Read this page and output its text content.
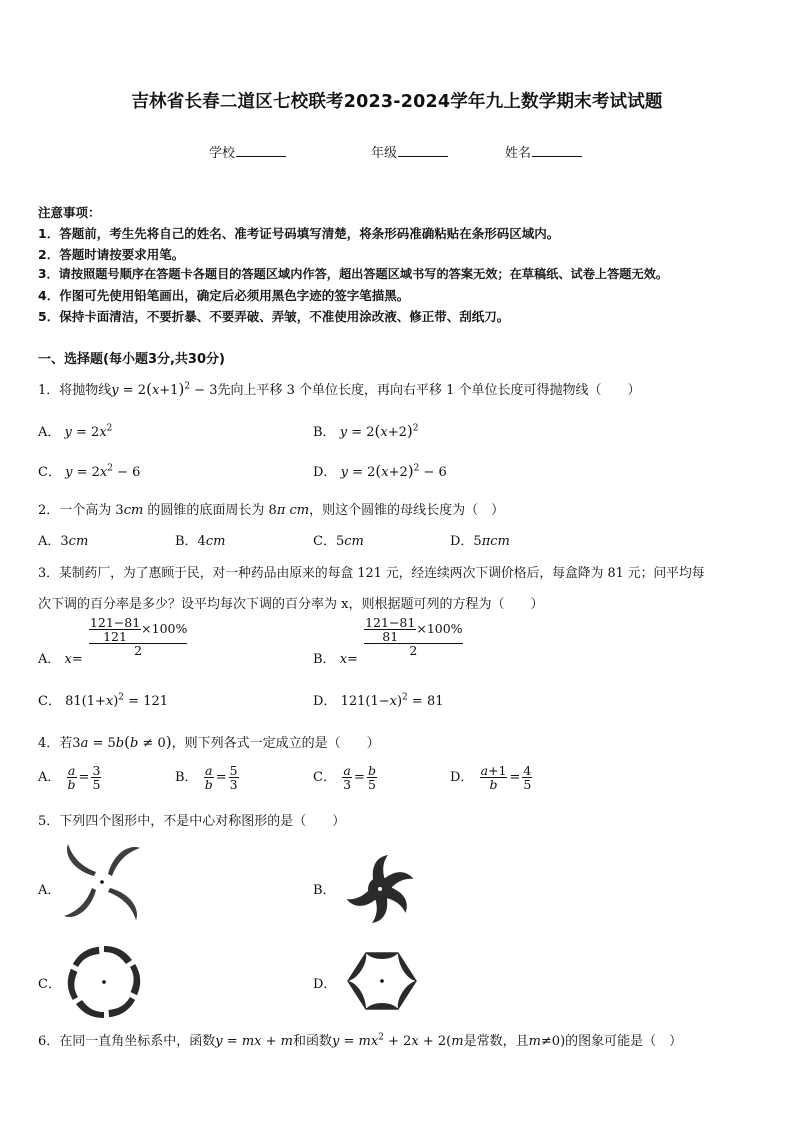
吉林省长春二道区七校联考2023-2024学年九上数学期末考试试题
学校	年级	姓名
注意事项：
1．答题前，考生先将自己的姓名、准考证号码填写清楚，将条形码准确粘贴在条形码区域内。
2．答题时请按要求用笔。
3．请按照题号顺序在答题卡各题目的答题区域内作答，超出答题区域书写的答案无效；在草稿纸、试卷上答题无效。
4．作图可先使用铅笔画出，确定后必须用黑色字迹的签字笔描黑。
5．保持卡面清洁，不要折暴、不要弄破、弄皱，不准使用涂改液、修正带、刮纸刀。
一、选择题(每小题3分,共30分)
1．将抛物线$y = 2(x+1)^2 - 3$先向上平移 3 个单位长度，再向右平移 1 个单位长度可得抛物线（　　）
A． $y = 2x^2$	B． $y = 2(x+2)^2$
C． $y = 2x^2 - 6$	D． $y = 2(x+2)^2 - 6$
2．一个高为 3cm 的圆锥的底面周长为 8π cm，则这个圆锥的母线长度为（　）
A．3cm	B．4cm	C．5cm	D．5πcm
3．某制药厂，为了惠顾于民，对一种药品由原来的每盒 121 元，经连续两次下调价格后，每盒降为 81 元；问平均每
次下调的百分率是多少？设平均每次下调的百分率为 x，则根据题可列的方程为（　　）
A． x=
$\frac{\frac{121-81}{121} \times 100\%}{2}$
B． x=
$\frac{\frac{121-81}{81} \times 100\%}{2}$
C． $81(1+x)^2 = 121$	D． $121(1-x)^2 = 81$
4．若3a = 5b(b ≠ 0)，则下列各式一定成立的是（　　）
A． $\frac{a}{b} = \frac{3}{5}$	B． $\frac{a}{b} = \frac{5}{3}$	C． $\frac{a}{3} = \frac{b}{5}$	D． $\frac{a+1}{b} = \frac{4}{5}$
5．下列四个图形中，不是中心对称图形的是（　　）
A．	B．
C．	D．
6．在同一直角坐标系中，函数y = mx + m和函数$y = mx^2 + 2x + 2(m$是常数，且m≠0)的图象可能是（　）
